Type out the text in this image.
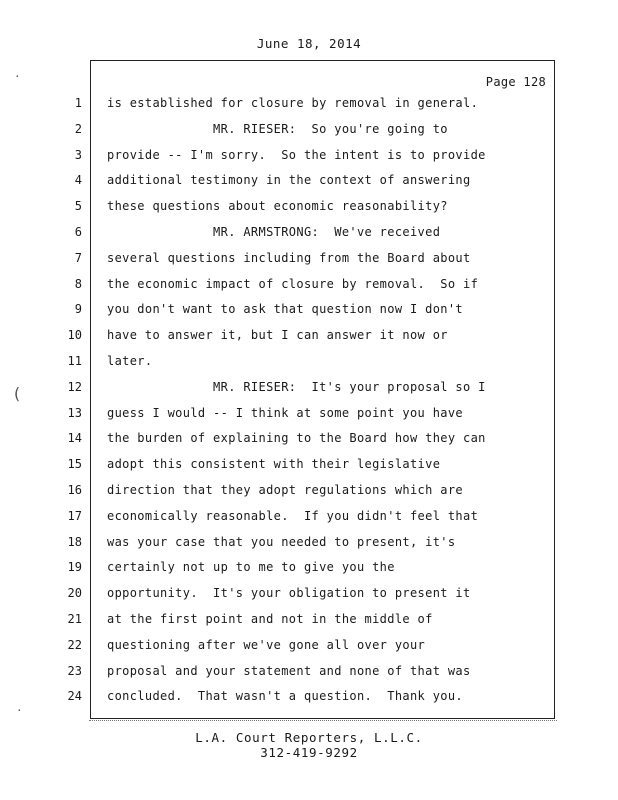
June 18, 2014
Page 128
1 is established for closure by removal in general.
2 MR. RIESER:  So you're going to
3 provide -- I'm sorry.  So the intent is to provide
4 additional testimony in the context of answering
5 these questions about economic reasonability?
6 MR. ARMSTRONG:  We've received
7 several questions including from the Board about
8 the economic impact of closure by removal.  So if
9 you don't want to ask that question now I don't
10 have to answer it, but I can answer it now or
11 later.
12 MR. RIESER:  It's your proposal so I
13 guess I would -- I think at some point you have
14 the burden of explaining to the Board how they can
15 adopt this consistent with their legislative
16 direction that they adopt regulations which are
17 economically reasonable.  If you didn't feel that
18 was your case that you needed to present, it's
19 certainly not up to me to give you the
20 opportunity.  It's your obligation to present it
21 at the first point and not in the middle of
22 questioning after we've gone all over your
23 proposal and your statement and none of that was
24 concluded.  That wasn't a question.  Thank you.
·
(
·
L.A. Court Reporters, L.L.C.
312-419-9292
